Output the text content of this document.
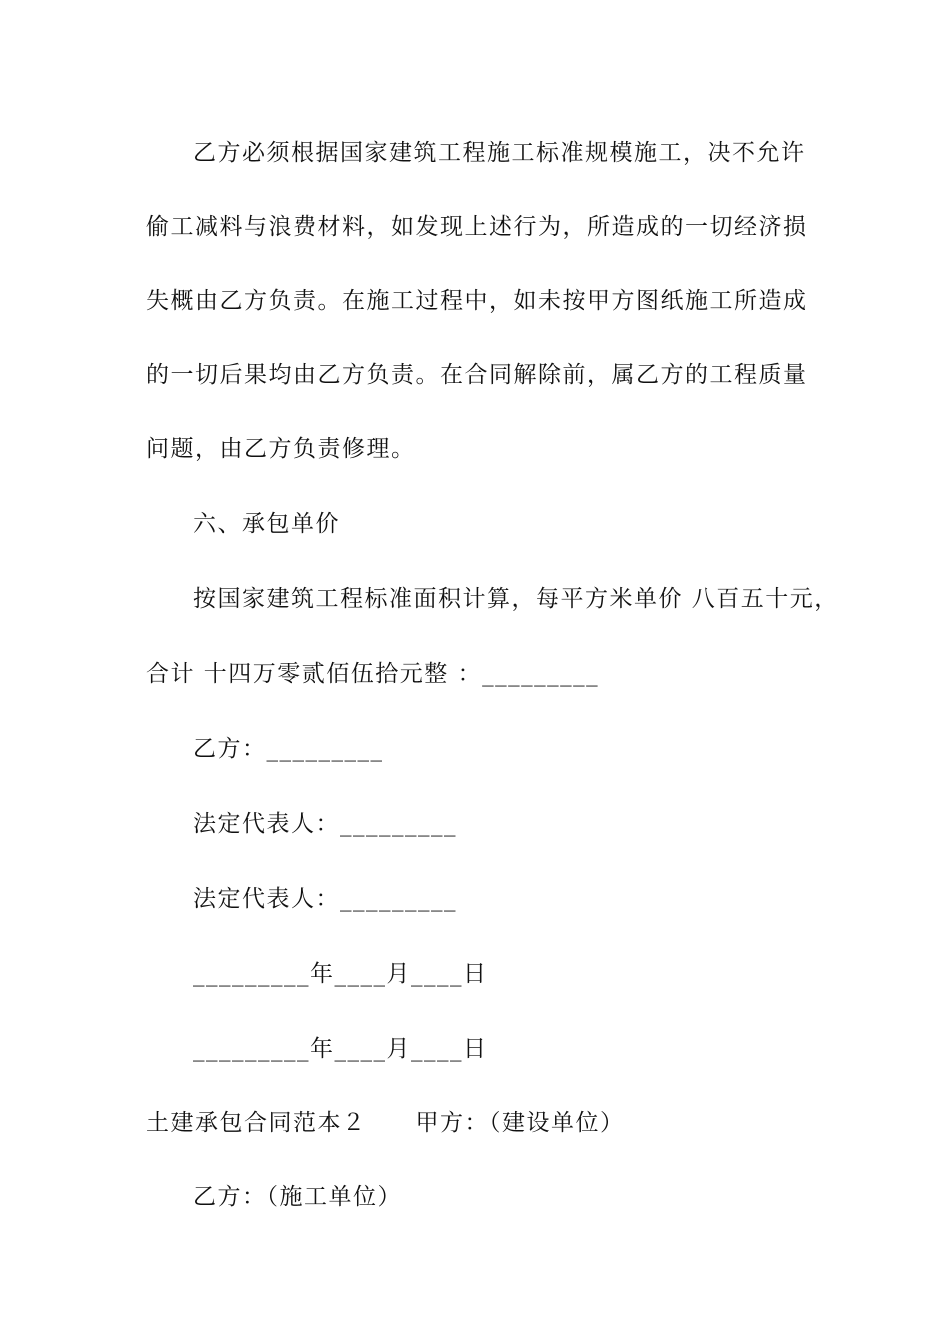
乙方必须根据国家建筑工程施工标准规模施工，决不允许
偷工减料与浪费材料，如发现上述行为，所造成的一切经济损
失概由乙方负责。在施工过程中，如未按甲方图纸施工所造成
的一切后果均由乙方负责。在合同解除前，属乙方的工程质量
问题，由乙方负责修理。
六、承包单价
按国家建筑工程标准面积计算，每平方米单价 八百五十元，
合计 十四万零贰佰伍拾元整 ：_________
乙方：_________
法定代表人：_________
法定代表人：_________
_________年____月____日
_________年____月____日
土建承包合同范本２　　甲方：（建设单位）
乙方：（施工单位）
